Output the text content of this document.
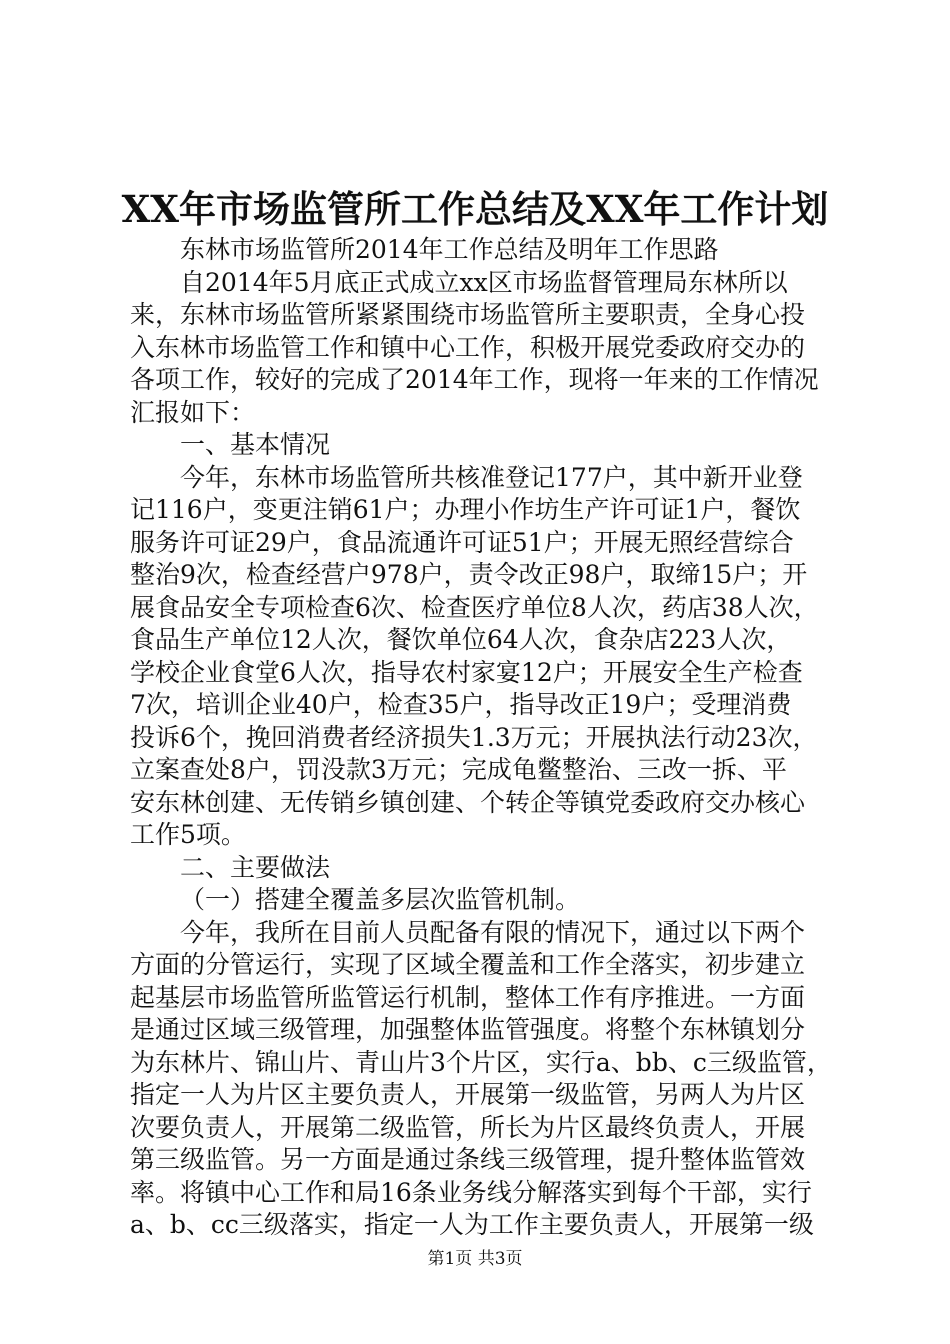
XX年市场监管所工作总结及XX年工作计划
东林市场监管所2014年工作总结及明年工作思路
自2014年5月底正式成立xx区市场监督管理局东林所以
来，东林市场监管所紧紧围绕市场监管所主要职责，全身心投
入东林市场监管工作和镇中心工作，积极开展党委政府交办的
各项工作，较好的完成了2014年工作，现将一年来的工作情况
汇报如下：
一、基本情况
今年，东林市场监管所共核准登记177户，其中新开业登
记116户，变更注销61户；办理小作坊生产许可证1户，餐饮
服务许可证29户，食品流通许可证51户；开展无照经营综合
整治9次，检查经营户978户，责令改正98户，取缔15户；开
展食品安全专项检查6次、检查医疗单位8人次，药店38人次，
食品生产单位12人次，餐饮单位64人次，食杂店223人次，
学校企业食堂6人次，指导农村家宴12户；开展安全生产检查
7次，培训企业40户，检查35户，指导改正19户；受理消费
投诉6个，挽回消费者经济损失1.3万元；开展执法行动23次，
立案查处8户，罚没款3万元；完成龟鳖整治、三改一拆、平
安东林创建、无传销乡镇创建、个转企等镇党委政府交办核心
工作5项。
二、主要做法
（一）搭建全覆盖多层次监管机制。
今年，我所在目前人员配备有限的情况下，通过以下两个
方面的分管运行，实现了区域全覆盖和工作全落实，初步建立
起基层市场监管所监管运行机制，整体工作有序推进。一方面
是通过区域三级管理，加强整体监管强度。将整个东林镇划分
为东林片、锦山片、青山片3个片区，实行a、bb、c三级监管，
指定一人为片区主要负责人，开展第一级监管，另两人为片区
次要负责人，开展第二级监管，所长为片区最终负责人，开展
第三级监管。另一方面是通过条线三级管理，提升整体监管效
率。将镇中心工作和局16条业务线分解落实到每个干部，实行
a、b、cc三级落实，指定一人为工作主要负责人，开展第一级
第1页 共3页
